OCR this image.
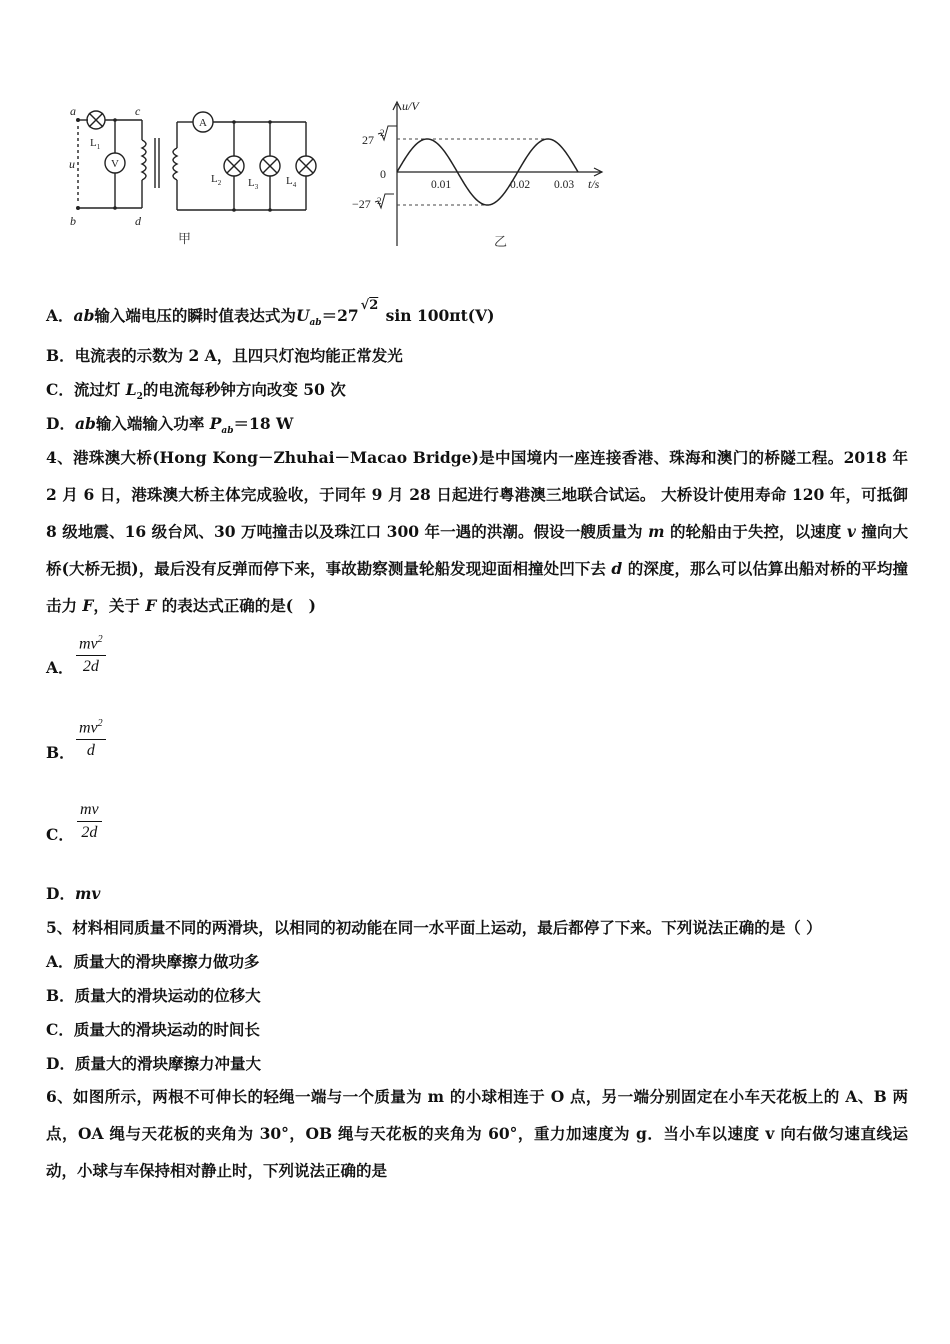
a
b
c
d
u
$L_1$
V
A
$L_2$ $L_3$	$L_4$
甲
u/V
t/s
27
0
−27
2
2
0.01	0.02 0.03
乙
A．ab输入端电压的瞬时值表达式为$U_{ab}=27√2$ sin 100πt(V)
B．电流表的示数为 2 A，且四只灯泡均能正常发光
C．流过灯 $L_2$的电流每秒钟方向改变 50 次
D．ab输入端输入功率 $P_{ab}=18$ W
4、港珠澳大桥(Hong Kong－Zhuhai－Macao Bridge)是中国境内一座连接香港、珠海和澳门的桥隧工程。2018 年 2 月 6 日，港珠澳大桥主体完成验收，于同年 9 月 28 日起进行粤港澳三地联合试运。 大桥设计使用寿命 120 年，可抵御 8 级地震、16 级台风、30 万吨撞击以及珠江口 300 年一遇的洪潮。假设一艘质量为 m 的轮船由于失控，以速度 v 撞向大桥(大桥无损)，最后没有反弹而停下来，事故勘察测量轮船发现迎面相撞处凹下去 d 的深度，那么可以估算出船对桥的平均撞击力 F，关于 F 的表达式正确的是(　)
A． $\frac{mv^2}{2d}$
B． $\frac{mv^2}{d}$
C． $\frac{mv}{2d}$
D．mv
5、材料相同质量不同的两滑块，以相同的初动能在同一水平面上运动，最后都停了下来。下列说法正确的是（ ）
A．质量大的滑块摩擦力做功多
B．质量大的滑块运动的位移大
C．质量大的滑块运动的时间长
D．质量大的滑块摩擦力冲量大
6、如图所示，两根不可伸长的轻绳一端与一个质量为 m 的小球相连于 O 点，另一端分别固定在小车天花板上的 A、B 两点，OA 绳与天花板的夹角为 30°，OB 绳与天花板的夹角为 60°，重力加速度为 g．当小车以速度 v 向右做匀速直线运动，小球与车保持相对静止时，下列说法正确的是
